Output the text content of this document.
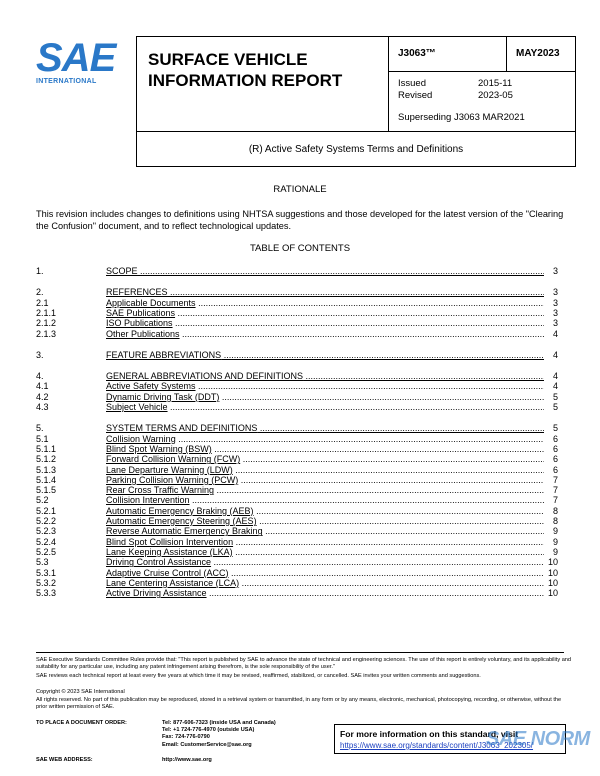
SAE
INTERNATIONAL
SURFACE VEHICLE
INFORMATION REPORT
J3063™	MAY2023
Issued	2015-11
Revised	2023-05
Superseding J3063 MAR2021
(R) Active Safety Systems Terms and Definitions
RATIONALE
This revision includes changes to definitions using NHTSA suggestions and those developed for the latest version of the "Clearing the Confusion" document, and to reflect technological updates.
TABLE OF CONTENTS
1.	SCOPE .....	3
2.	REFERENCES .....	3
2.1	Applicable Documents .....	3
2.1.1	SAE Publications .....	3
2.1.2	ISO Publications .....	3
2.1.3	Other Publications .....	4
3.	FEATURE ABBREVIATIONS .....	4
4.	GENERAL ABBREVIATIONS AND DEFINITIONS .....	4
4.1	Active Safety Systems .....	4
4.2	Dynamic Driving Task (DDT) .....	5
4.3	Subject Vehicle .....	5
5.	SYSTEM TERMS AND DEFINITIONS .....	5
5.1	Collision Warning .....	6
5.1.1	Blind Spot Warning (BSW) .....	6
5.1.2	Forward Collision Warning (FCW) .....	6
5.1.3	Lane Departure Warning (LDW) .....	6
5.1.4	Parking Collision Warning (PCW) .....	7
5.1.5	Rear Cross Traffic Warning .....	7
5.2	Collision Intervention .....	7
5.2.1	Automatic Emergency Braking (AEB) .....	8
5.2.2	Automatic Emergency Steering (AES) .....	8
5.2.3	Reverse Automatic Emergency Braking .....	9
5.2.4	Blind Spot Collision Intervention .....	9
5.2.5	Lane Keeping Assistance (LKA) .....	9
5.3	Driving Control Assistance .....	10
5.3.1	Adaptive Cruise Control (ACC) .....	10
5.3.2	Lane Centering Assistance (LCA) .....	10
5.3.3	Active Driving Assistance .....	10
SAE Executive Standards Committee Rules provide that: "This report is published by SAE to advance the state of technical and engineering sciences. The use of this report is entirely voluntary, and its applicability and suitability for any particular use, including any patent infringement arising therefrom, is the sole responsibility of the user."
SAE reviews each technical report at least every five years at which time it may be revised, reaffirmed, stabilized, or cancelled. SAE invites your written comments and suggestions.
Copyright © 2023 SAE International
All rights reserved. No part of this publication may be reproduced, stored in a retrieval system or transmitted, in any form or by any means, electronic, mechanical, photocopying, recording, or otherwise, without the prior written permission of SAE.
TO PLACE A DOCUMENT ORDER:	Tel: 877-606-7323 (inside USA and Canada)
Tel: +1 724-776-4970 (outside USA)
Fax: 724-776-0790
Email: CustomerService@sae.org
SAE WEB ADDRESS:	http://www.sae.org
For more information on this standard, visit
https://www.sae.org/standards/content/J3063_202305/
SAE NORM
